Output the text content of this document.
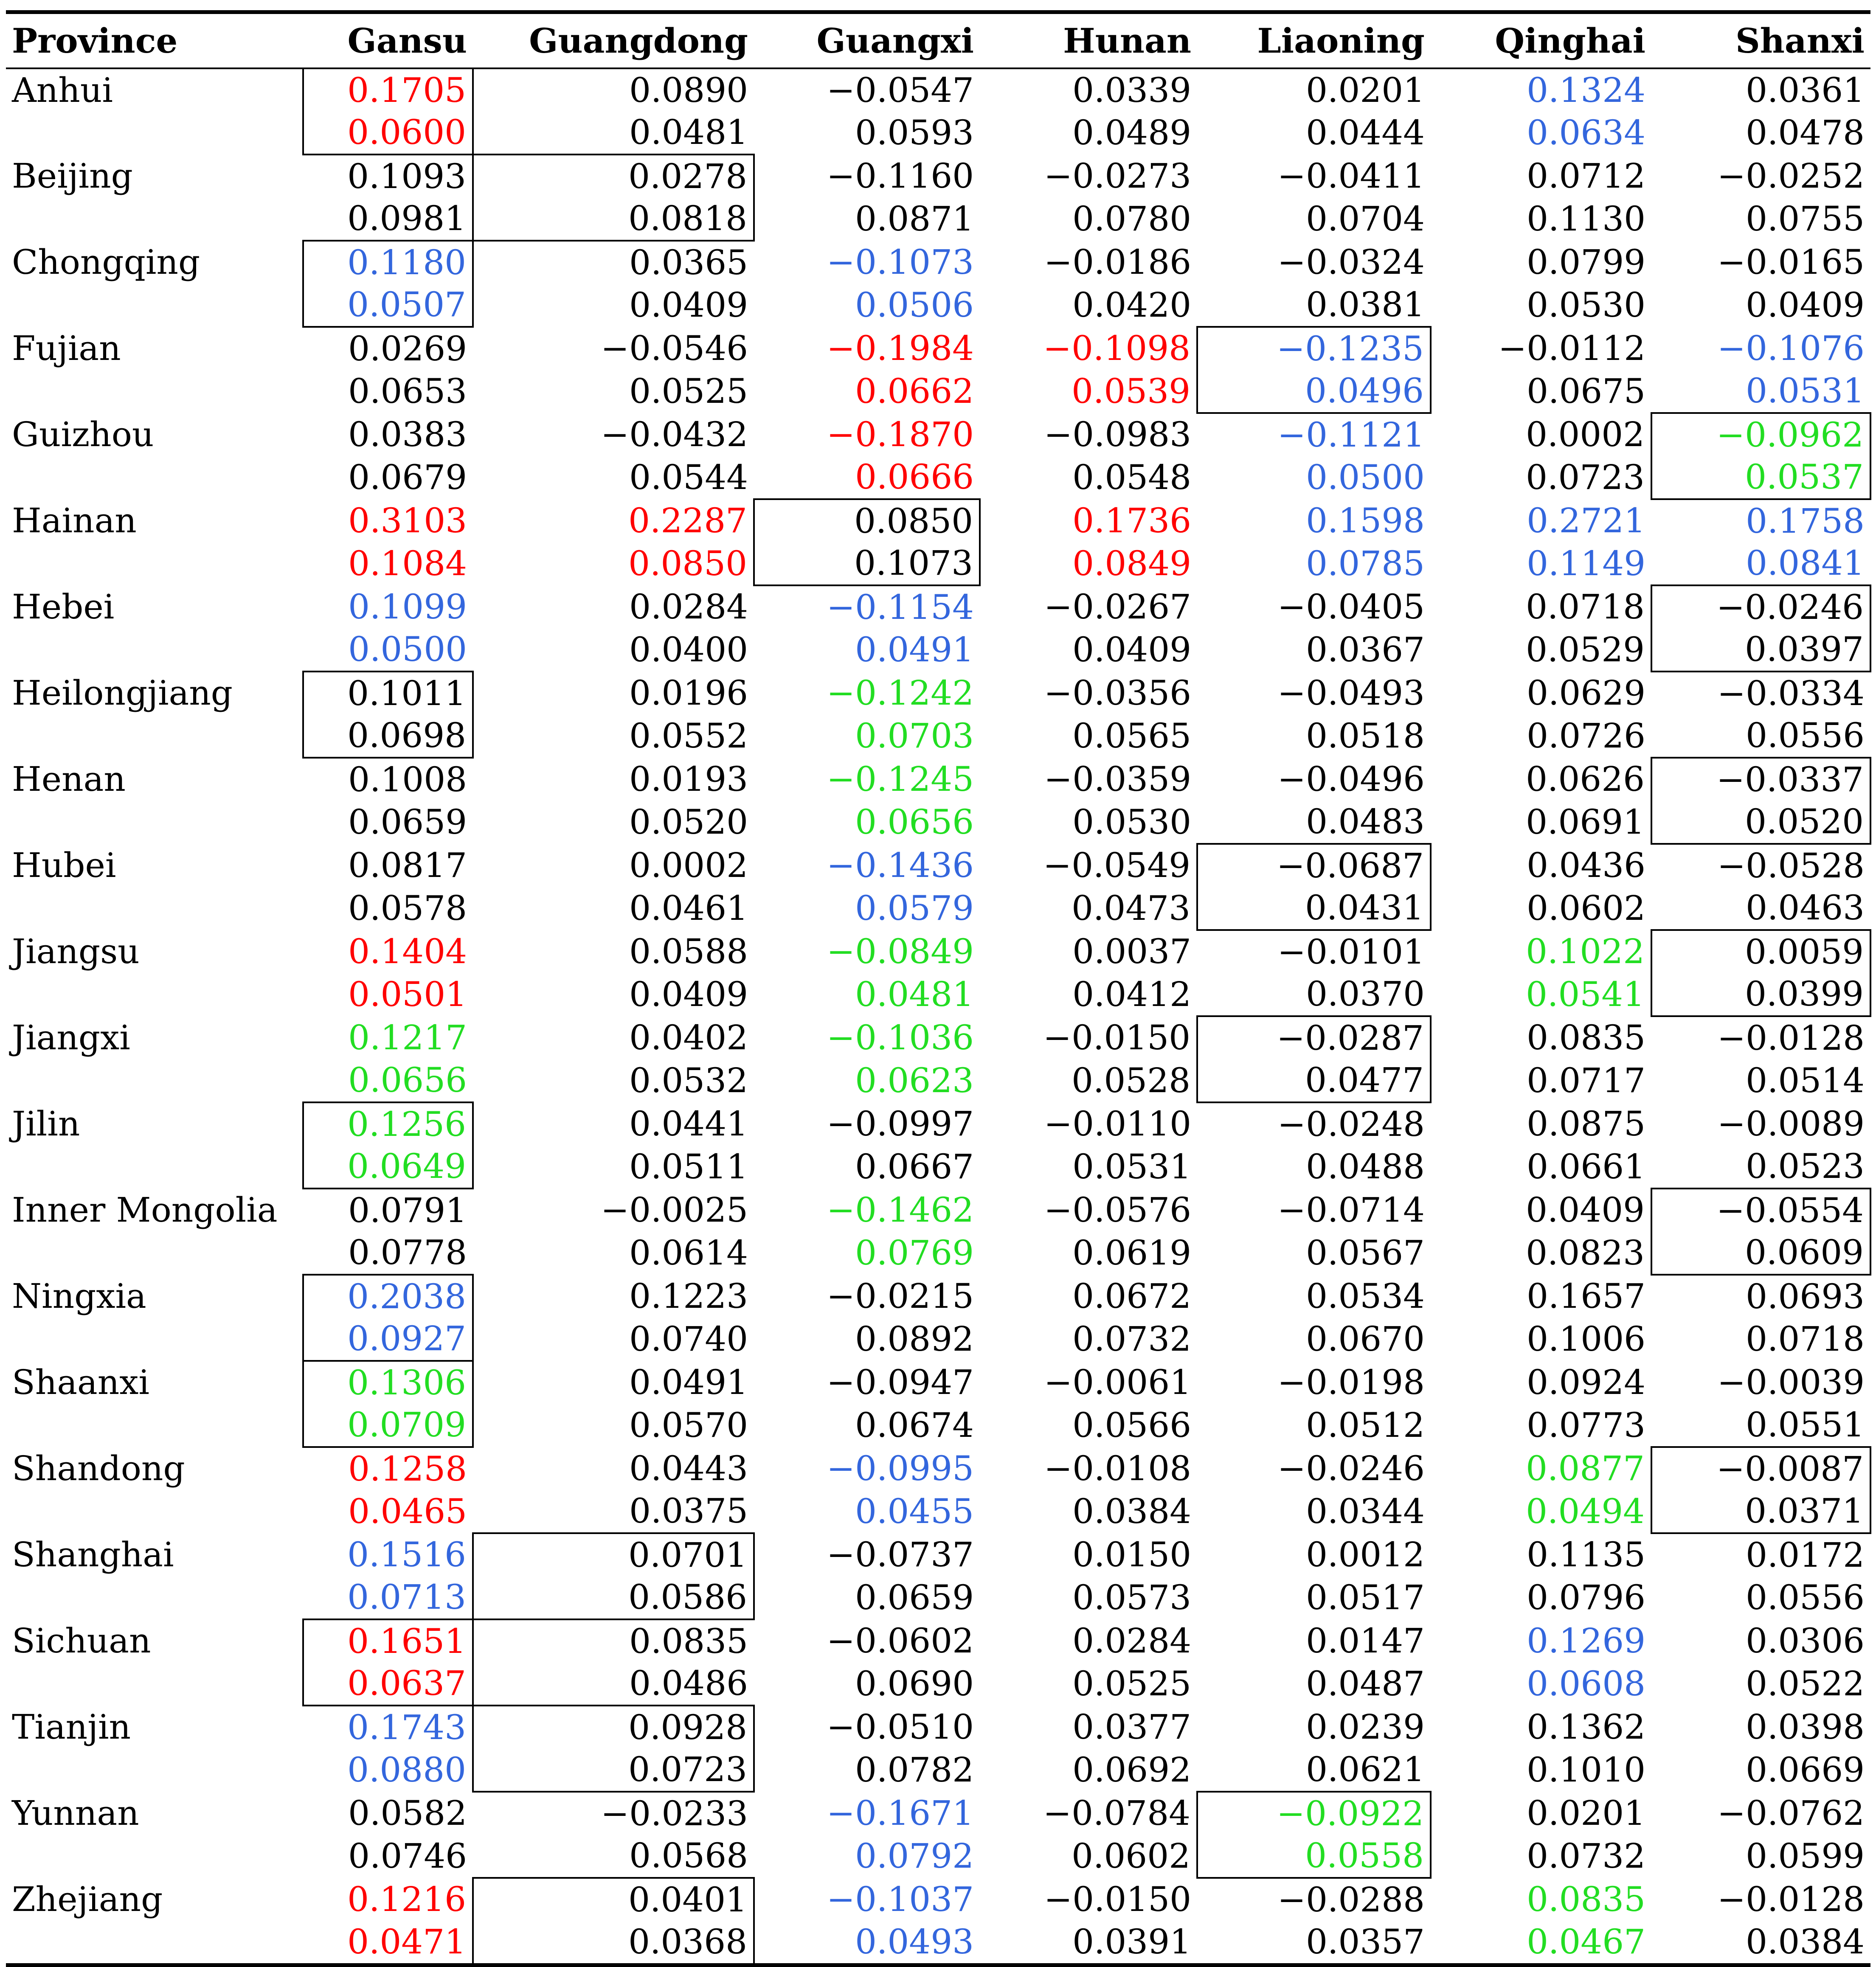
Province	Gansu	Guangdong	Guangxi	Hunan	Liaoning	Qinghai	Shanxi
Anhui	0.1705	0.0890	−0.0547	0.0339	0.0201	0.1324	0.0361
	0.0600	0.0481	0.0593	0.0489	0.0444	0.0634	0.0478
Beijing	0.1093	0.0278	−0.1160	−0.0273	−0.0411	0.0712	−0.0252
	0.0981	0.0818	0.0871	0.0780	0.0704	0.1130	0.0755
Chongqing	0.1180	0.0365	−0.1073	−0.0186	−0.0324	0.0799	−0.0165
	0.0507	0.0409	0.0506	0.0420	0.0381	0.0530	0.0409
Fujian	0.0269	−0.0546	−0.1984	−0.1098	−0.1235	−0.0112	−0.1076
	0.0653	0.0525	0.0662	0.0539	0.0496	0.0675	0.0531
Guizhou	0.0383	−0.0432	−0.1870	−0.0983	−0.1121	0.0002	−0.0962
	0.0679	0.0544	0.0666	0.0548	0.0500	0.0723	0.0537
Hainan	0.3103	0.2287	0.0850	0.1736	0.1598	0.2721	0.1758
	0.1084	0.0850	0.1073	0.0849	0.0785	0.1149	0.0841
Hebei	0.1099	0.0284	−0.1154	−0.0267	−0.0405	0.0718	−0.0246
	0.0500	0.0400	0.0491	0.0409	0.0367	0.0529	0.0397
Heilongjiang	0.1011	0.0196	−0.1242	−0.0356	−0.0493	0.0629	−0.0334
	0.0698	0.0552	0.0703	0.0565	0.0518	0.0726	0.0556
Henan	0.1008	0.0193	−0.1245	−0.0359	−0.0496	0.0626	−0.0337
	0.0659	0.0520	0.0656	0.0530	0.0483	0.0691	0.0520
Hubei	0.0817	0.0002	−0.1436	−0.0549	−0.0687	0.0436	−0.0528
	0.0578	0.0461	0.0579	0.0473	0.0431	0.0602	0.0463
Jiangsu	0.1404	0.0588	−0.0849	0.0037	−0.0101	0.1022	0.0059
	0.0501	0.0409	0.0481	0.0412	0.0370	0.0541	0.0399
Jiangxi	0.1217	0.0402	−0.1036	−0.0150	−0.0287	0.0835	−0.0128
	0.0656	0.0532	0.0623	0.0528	0.0477	0.0717	0.0514
Jilin	0.1256	0.0441	−0.0997	−0.0110	−0.0248	0.0875	−0.0089
	0.0649	0.0511	0.0667	0.0531	0.0488	0.0661	0.0523
Inner Mongolia	0.0791	−0.0025	−0.1462	−0.0576	−0.0714	0.0409	−0.0554
	0.0778	0.0614	0.0769	0.0619	0.0567	0.0823	0.0609
Ningxia	0.2038	0.1223	−0.0215	0.0672	0.0534	0.1657	0.0693
	0.0927	0.0740	0.0892	0.0732	0.0670	0.1006	0.0718
Shaanxi	0.1306	0.0491	−0.0947	−0.0061	−0.0198	0.0924	−0.0039
	0.0709	0.0570	0.0674	0.0566	0.0512	0.0773	0.0551
Shandong	0.1258	0.0443	−0.0995	−0.0108	−0.0246	0.0877	−0.0087
	0.0465	0.0375	0.0455	0.0384	0.0344	0.0494	0.0371
Shanghai	0.1516	0.0701	−0.0737	0.0150	0.0012	0.1135	0.0172
	0.0713	0.0586	0.0659	0.0573	0.0517	0.0796	0.0556
Sichuan	0.1651	0.0835	−0.0602	0.0284	0.0147	0.1269	0.0306
	0.0637	0.0486	0.0690	0.0525	0.0487	0.0608	0.0522
Tianjin	0.1743	0.0928	−0.0510	0.0377	0.0239	0.1362	0.0398
	0.0880	0.0723	0.0782	0.0692	0.0621	0.1010	0.0669
Yunnan	0.0582	−0.0233	−0.1671	−0.0784	−0.0922	0.0201	−0.0762
	0.0746	0.0568	0.0792	0.0602	0.0558	0.0732	0.0599
Zhejiang	0.1216	0.0401	−0.1037	−0.0150	−0.0288	0.0835	−0.0128
	0.0471	0.0368	0.0493	0.0391	0.0357	0.0467	0.0384
